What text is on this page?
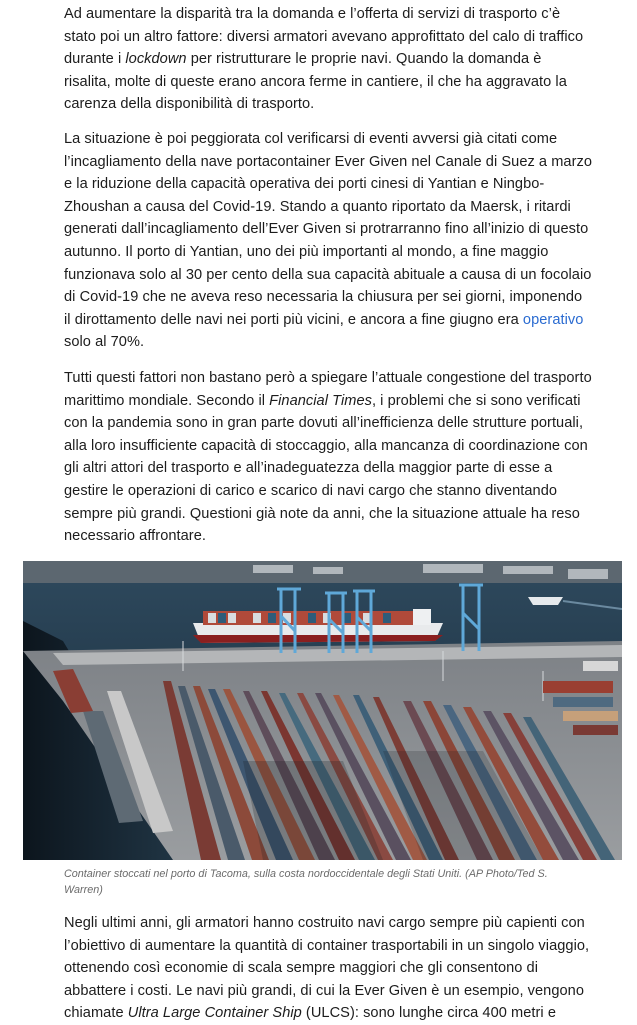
Ad aumentare la disparità tra la domanda e l’offerta di servizi di trasporto c’è stato poi un altro fattore: diversi armatori avevano approfittato del calo di traffico durante i lockdown per ristrutturare le proprie navi. Quando la domanda è risalita, molte di queste erano ancora ferme in cantiere, il che ha aggravato la carenza della disponibilità di trasporto.

La situazione è poi peggiorata col verificarsi di eventi avversi già citati come l’incagliamento della nave portacontainer Ever Given nel Canale di Suez a marzo e la riduzione della capacità operativa dei porti cinesi di Yantian e Ningbo-Zhoushan a causa del Covid-19. Stando a quanto riportato da Maersk, i ritardi generati dall’incagliamento dell’Ever Given si protrarranno fino all’inizio di questo autunno. Il porto di Yantian, uno dei più importanti al mondo, a fine maggio funzionava solo al 30 per cento della sua capacità abituale a causa di un focolaio di Covid-19 che ne aveva reso necessaria la chiusura per sei giorni, imponendo il dirottamento delle navi nei porti più vicini, e ancora a fine giugno era operativo solo al 70%.

Tutti questi fattori non bastano però a spiegare l’attuale congestione del trasporto marittimo mondiale. Secondo il Financial Times, i problemi che si sono verificati con la pandemia sono in gran parte dovuti all’inefficienza delle strutture portuali, alla loro insufficiente capacità di stoccaggio, alla mancanza di coordinazione con gli altri attori del trasporto e all’inadeguatezza della maggior parte di esse a gestire le operazioni di carico e scarico di navi cargo che stanno diventando sempre più grandi. Questioni già note da anni, che la situazione attuale ha reso necessario affrontare.

Container stoccati nel porto di Tacoma, sulla costa nordoccidentale degli Stati Uniti. (AP Photo/Ted S. Warren)

Negli ultimi anni, gli armatori hanno costruito navi cargo sempre più capienti con l’obiettivo di aumentare la quantità di container trasportabili in un singolo viaggio, ottenendo così economie di scala sempre maggiori che gli consentono di abbattere i costi. Le navi più grandi, di cui la Ever Given è un esempio, vengono chiamate Ultra Large Container Ship (ULCS): sono lunghe circa 400 metri e
